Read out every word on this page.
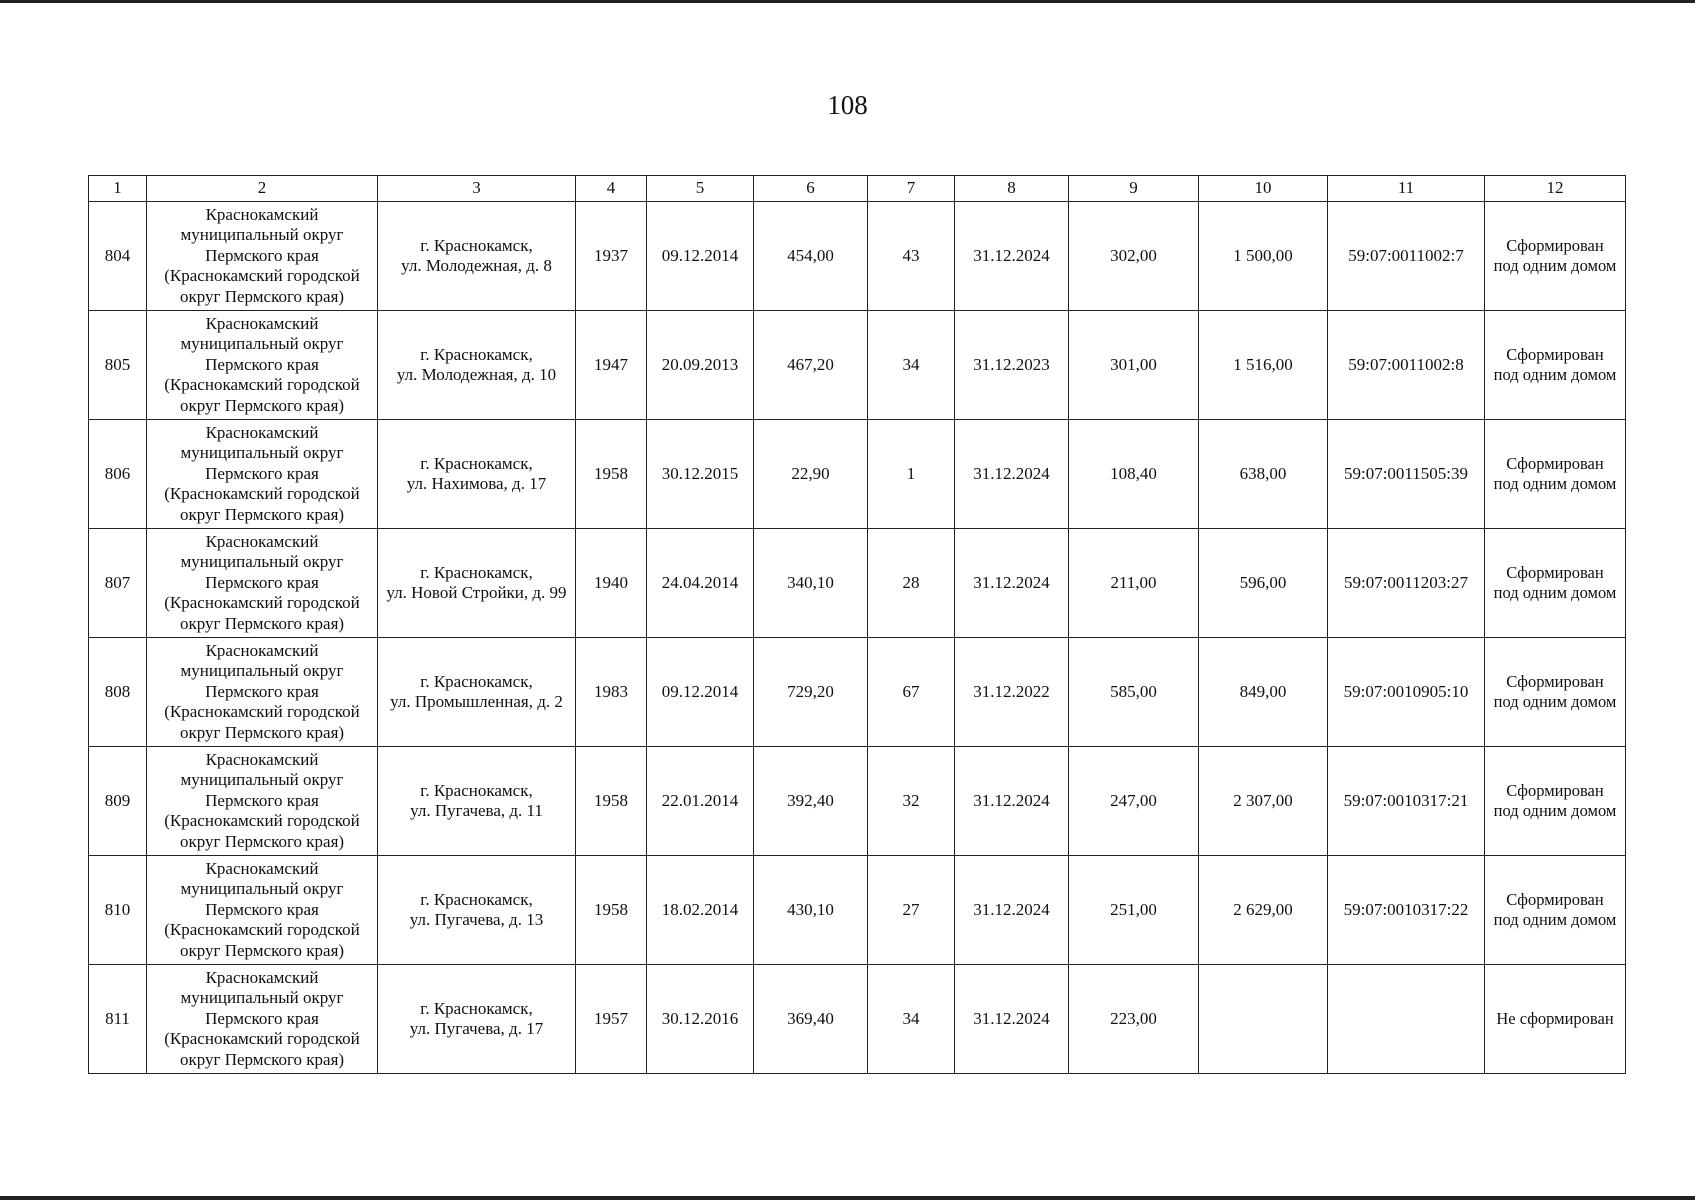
108
1	2	3	4	5	6	7	8	9	10	11	12
804	Краснокамский
муниципальный округ
Пермского края
(Краснокамский городской
округ Пермского края)	г. Краснокамск,
ул. Молодежная, д. 8	1937	09.12.2014	454,00	43	31.12.2024	302,00	1 500,00	59:07:0011002:7	Сформирован
под одним домом
805	Краснокамский
муниципальный округ
Пермского края
(Краснокамский городской
округ Пермского края)	г. Краснокамск,
ул. Молодежная, д. 10	1947	20.09.2013	467,20	34	31.12.2023	301,00	1 516,00	59:07:0011002:8	Сформирован
под одним домом
806	Краснокамский
муниципальный округ
Пермского края
(Краснокамский городской
округ Пермского края)	г. Краснокамск,
ул. Нахимова, д. 17	1958	30.12.2015	22,90	1	31.12.2024	108,40	638,00	59:07:0011505:39	Сформирован
под одним домом
807	Краснокамский
муниципальный округ
Пермского края
(Краснокамский городской
округ Пермского края)	г. Краснокамск,
ул. Новой Стройки, д. 99	1940	24.04.2014	340,10	28	31.12.2024	211,00	596,00	59:07:0011203:27	Сформирован
под одним домом
808	Краснокамский
муниципальный округ
Пермского края
(Краснокамский городской
округ Пермского края)	г. Краснокамск,
ул. Промышленная, д. 2	1983	09.12.2014	729,20	67	31.12.2022	585,00	849,00	59:07:0010905:10	Сформирован
под одним домом
809	Краснокамский
муниципальный округ
Пермского края
(Краснокамский городской
округ Пермского края)	г. Краснокамск,
ул. Пугачева, д. 11	1958	22.01.2014	392,40	32	31.12.2024	247,00	2 307,00	59:07:0010317:21	Сформирован
под одним домом
810	Краснокамский
муниципальный округ
Пермского края
(Краснокамский городской
округ Пермского края)	г. Краснокамск,
ул. Пугачева, д. 13	1958	18.02.2014	430,10	27	31.12.2024	251,00	2 629,00	59:07:0010317:22	Сформирован
под одним домом
811	Краснокамский
муниципальный округ
Пермского края
(Краснокамский городской
округ Пермского края)	г. Краснокамск,
ул. Пугачева, д. 17	1957	30.12.2016	369,40	34	31.12.2024	223,00			Не сформирован
